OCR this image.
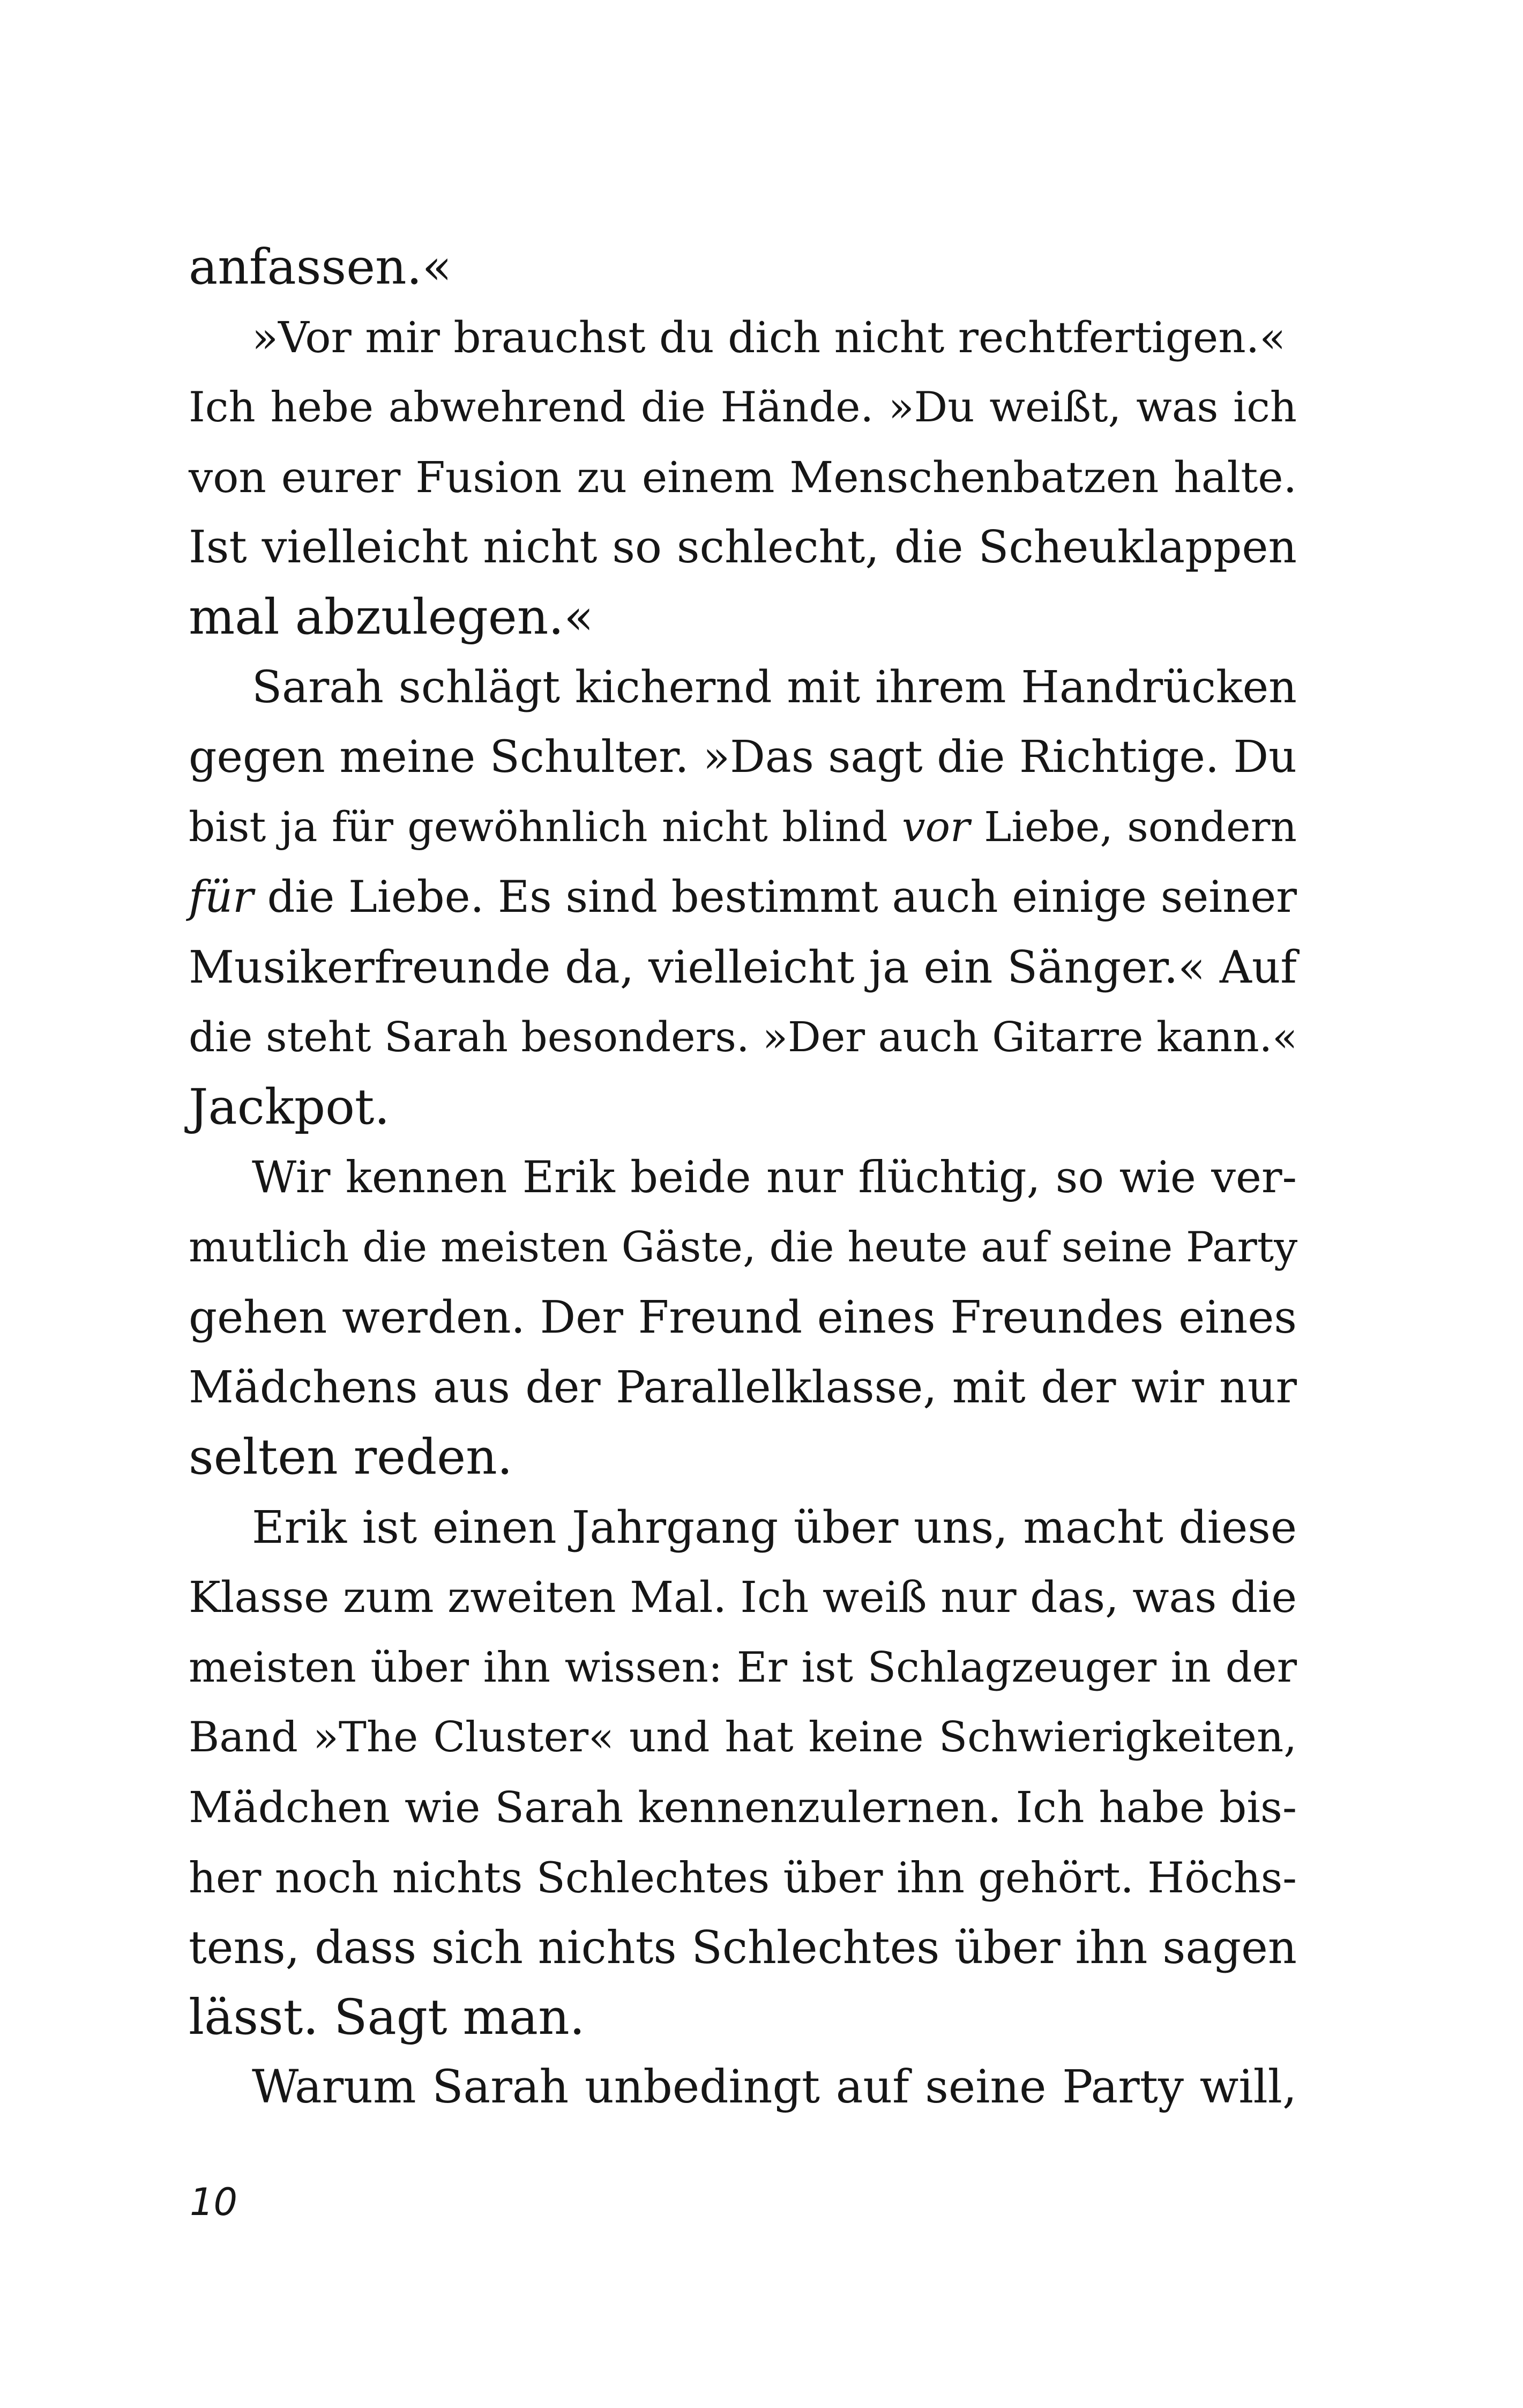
anfassen.«
»Vor mir brauchst du dich nicht rechtfertigen.«
Ich hebe abwehrend die Hände. »Du weißt, was ich
von eurer Fusion zu einem Menschenbatzen halte.
Ist vielleicht nicht so schlecht, die Scheuklappen
mal abzulegen.«
Sarah schlägt kichernd mit ihrem Handrücken
gegen meine Schulter. »Das sagt die Richtige. Du
bist ja für gewöhnlich nicht blind vor Liebe, sondern
für die Liebe. Es sind bestimmt auch einige seiner
Musikerfreunde da, vielleicht ja ein Sänger.« Auf
die steht Sarah besonders. »Der auch Gitarre kann.«
Jackpot.
Wir kennen Erik beide nur flüchtig, so wie ver-
mutlich die meisten Gäste, die heute auf seine Party
gehen werden. Der Freund eines Freundes eines
Mädchens aus der Parallelklasse, mit der wir nur
selten reden.
Erik ist einen Jahrgang über uns, macht diese
Klasse zum zweiten Mal. Ich weiß nur das, was die
meisten über ihn wissen: Er ist Schlagzeuger in der
Band »The Cluster« und hat keine Schwierigkeiten,
Mädchen wie Sarah kennenzulernen. Ich habe bis-
her noch nichts Schlechtes über ihn gehört. Höchs-
tens, dass sich nichts Schlechtes über ihn sagen
lässt. Sagt man.
Warum Sarah unbedingt auf seine Party will,
10
